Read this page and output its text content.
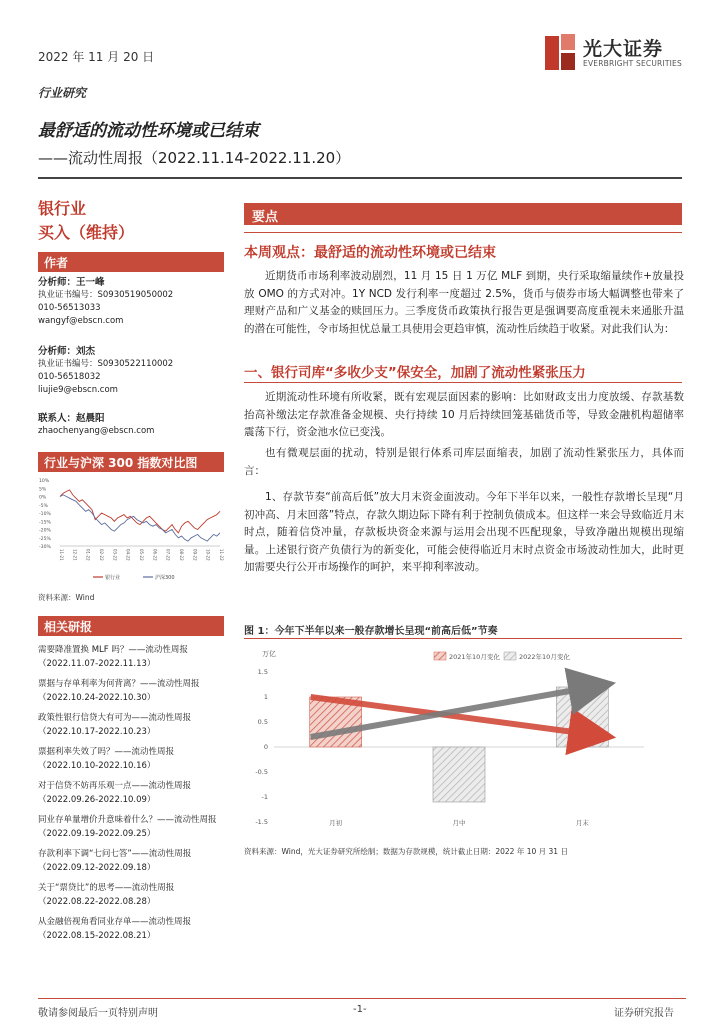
2022 年 11 月 20 日	光大证券
EVERBRIGHT SECURITIES
行业研究
最舒适的流动性环境或已结束
——流动性周报（2022.11.14-2022.11.20）
银行业
买入（维持）
作者
分析师：王一峰
执业证书编号：S0930519050002
010-56513033
wangyf@ebscn.com
分析师：刘杰
执业证书编号：S0930522110002
010-56518032
liujie9@ebscn.com
联系人：赵晨阳
zhaochenyang@ebscn.com
行业与沪深 300 指数对比图
10%
5%
0%
-5%
-10%
-15%
-20%
-25%
-30%
11-21 12-21 01-22 02-22 03-22 04-22 05-22 06-22 07-22 08-22 09-22 10-22 11-22
银行业	沪深300
资料来源：Wind
相关研报
需要降准置换 MLF 吗？——流动性周报
（2022.11.07-2022.11.13）
票据与存单利率为何背离？——流动性周报
（2022.10.24-2022.10.30）
政策性银行信贷大有可为——流动性周报
（2022.10.17-2022.10.23）
票据利率失效了吗？——流动性周报
（2022.10.10-2022.10.16）
对于信贷不妨再乐观一点——流动性周报
（2022.09.26-2022.10.09）
同业存单量增价升意味着什么？——流动性周报
（2022.09.19-2022.09.25）
存款利率下调“七问七答”——流动性周报
（2022.09.12-2022.09.18）
关于“票贷比”的思考——流动性周报
（2022.08.22-2022.08.28）
从金融倍视角看同业存单——流动性周报
（2022.08.15-2022.08.21）
要点
本周观点：最舒适的流动性环境或已结束
近期货币市场利率波动剧烈，11 月 15 日 1 万亿 MLF 到期，央行采取缩量续作+放量投放 OMO 的方式对冲。1Y NCD 发行利率一度超过 2.5%，货币与债券市场大幅调整也带来了理财产品和广义基金的赎回压力。三季度货币政策执行报告更是强调要高度重视未来通胀升温的潜在可能性，令市场担忧总量工具使用会更趋审慎，流动性后续趋于收紧。对此我们认为：
一、银行司库“多收少支”保安全，加剧了流动性紧张压力
近期流动性环境有所收紧，既有宏观层面因素的影响：比如财政支出力度放缓、存款基数抬高补缴法定存款准备金规模、央行持续 10 月后持续回笼基础货币等，导致金融机构超储率震荡下行，资金池水位已变浅。
也有微观层面的扰动，特别是银行体系司库层面缩表，加剧了流动性紧张压力，具体而言：
1、存款节奏“前高后低”放大月末资金面波动。今年下半年以来，一般性存款增长呈现“月初冲高、月末回落”特点，存款久期边际下降有利于控制负债成本。但这样一来会导致临近月末时点，随着信贷冲量，存款板块资金来源与运用会出现不匹配现象，导致净融出规模出现缩量。上述银行资产负债行为的新变化，可能会使得临近月末时点资金市场波动性加大，此时更加需要央行公开市场操作的呵护，来平抑利率波动。
图 1：今年下半年以来一般存款增长呈现“前高后低”节奏
万亿
1.5
1
0.5
0
-0.5
-1
-1.5	月初	月中	月末
2021年10月变化	2022年10月变化
资料来源：Wind，光大证券研究所绘制；数据为存款规模，统计截止日期：2022 年 10 月 31 日
敬请参阅最后一页特别声明	-1-	证券研究报告
